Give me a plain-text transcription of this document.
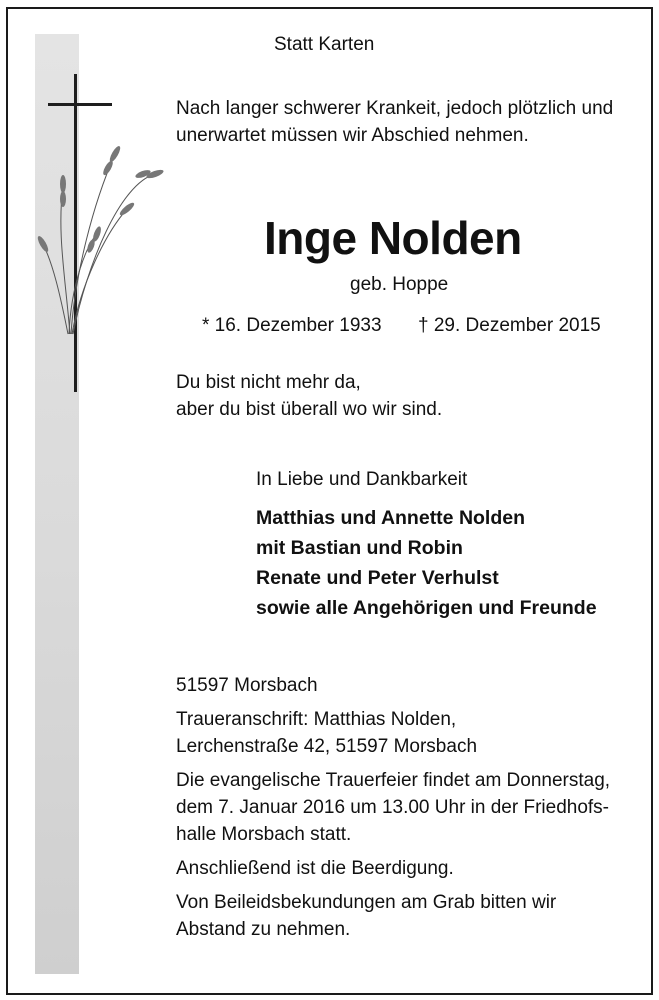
Statt Karten
Nach langer schwerer Krankeit, jedoch plötzlich und
unerwartet müssen wir Abschied nehmen.
Inge Nolden
geb. Hoppe
* 16. Dezember 1933 † 29. Dezember 2015
Du bist nicht mehr da,
aber du bist überall wo wir sind.
In Liebe und Dankbarkeit
Matthias und Annette Nolden
mit Bastian und Robin
Renate und Peter Verhulst
sowie alle Angehörigen und Freunde
51597 Morsbach
Traueranschrift: Matthias Nolden,
Lerchenstraße 42, 51597 Morsbach
Die evangelische Trauerfeier findet am Donnerstag,
dem 7. Januar 2016 um 13.00 Uhr in der Friedhofs-
halle Morsbach statt.
Anschließend ist die Beerdigung.
Von Beileidsbekundungen am Grab bitten wir
Abstand zu nehmen.
